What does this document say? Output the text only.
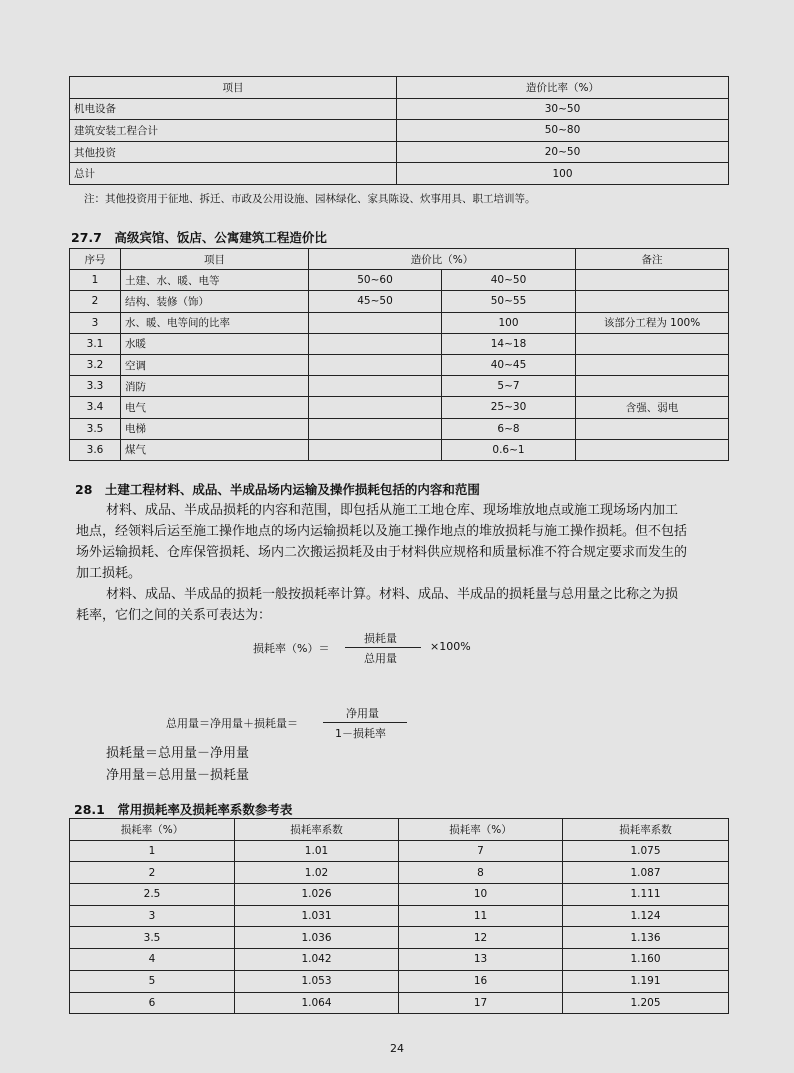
项目	造价比率（%）
机电设备	30~50
建筑安装工程合计	50~80
其他投资	20~50
总计	100
注：其他投资用于征地、拆迁、市政及公用设施、园林绿化、家具陈设、炊事用具、职工培训等。
27.7　高级宾馆、饭店、公寓建筑工程造价比
序号	项目	造价比（%）		备注
1	土建、水、暖、电等	50~60	40~50	
2	结构、装修（饰）	45~50	50~55	
3	水、暖、电等间的比率		100	该部分工程为 100%
3.1	水暖		14~18	
3.2	空调		40~45	
3.3	消防		5~7	
3.4	电气		25~30	含强、弱电
3.5	电梯		6~8	
3.6	煤气		0.6~1	
28　土建工程材料、成品、半成品场内运输及操作损耗包括的内容和范围
材料、成品、半成品损耗的内容和范围，即包括从施工工地仓库、现场堆放地点或施工现场场内加工
地点，经领料后运至施工操作地点的场内运输损耗以及施工操作地点的堆放损耗与施工操作损耗。但不包括
场外运输损耗、仓库保管损耗、场内二次搬运损耗及由于材料供应规格和质量标准不符合规定要求而发生的
加工损耗。
材料、成品、半成品的损耗一般按损耗率计算。材料、成品、半成品的损耗量与总用量之比称之为损
耗率，它们之间的关系可表达为：
损耗率（%）＝
损耗量
总用量
×100%
总用量＝净用量＋损耗量＝
净用量
1－损耗率
损耗量＝总用量－净用量
净用量＝总用量－损耗量
28.1　常用损耗率及损耗率系数参考表
损耗率（%）	损耗率系数	损耗率（%）	损耗率系数
1	1.01	7	1.075
2	1.02	8	1.087
2.5	1.026	10	1.111
3	1.031	11	1.124
3.5	1.036	12	1.136
4	1.042	13	1.160
5	1.053	16	1.191
6	1.064	17	1.205
24
